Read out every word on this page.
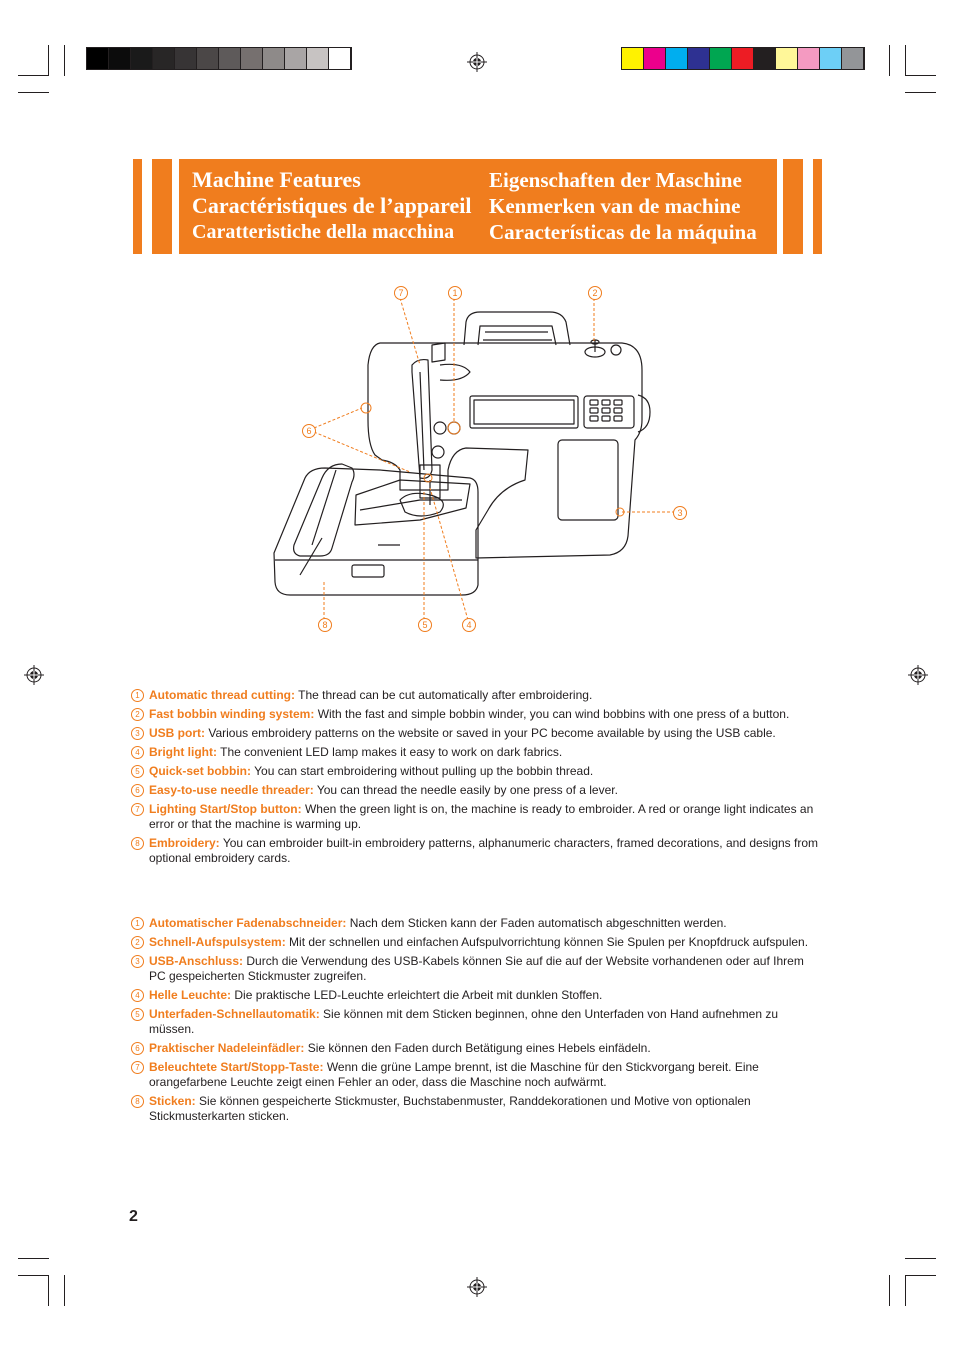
Machine Features
Caractéristiques de l’appareil
Caratteristiche della macchina
Eigenschaften der Maschine
Kenmerken van de machine
Características de la máquina
7	1	2
6
3
8	5	4
1 Automatic thread cutting: The thread can be cut automatically after embroidering.
2 Fast bobbin winding system: With the fast and simple bobbin winder, you can wind bobbins with one press of a button.
3 USB port: Various embroidery patterns on the website or saved in your PC become available by using the USB cable.
4 Bright light: The convenient LED lamp makes it easy to work on dark fabrics.
5 Quick-set bobbin: You can start embroidering without pulling up the bobbin thread.
6 Easy-to-use needle threader: You can thread the needle easily by one press of a lever.
7 Lighting Start/Stop button: When the green light is on, the machine is ready to embroider. A red or orange light indicates an error or that the machine is warming up.
8 Embroidery: You can embroider built-in embroidery patterns, alphanumeric characters, framed decorations, and designs from optional embroidery cards.
1 Automatischer Fadenabschneider: Nach dem Sticken kann der Faden automatisch abgeschnitten werden.
2 Schnell-Aufspulsystem: Mit der schnellen und einfachen Aufspulvorrichtung können Sie Spulen per Knopfdruck aufspulen.
3 USB-Anschluss: Durch die Verwendung des USB-Kabels können Sie auf die auf der Website vorhandenen oder auf Ihrem PC gespeicherten Stickmuster zugreifen.
4 Helle Leuchte: Die praktische LED-Leuchte erleichtert die Arbeit mit dunklen Stoffen.
5 Unterfaden-Schnellautomatik: Sie können mit dem Sticken beginnen, ohne den Unterfaden von Hand aufnehmen zu müssen.
6 Praktischer Nadeleinfädler: Sie können den Faden durch Betätigung eines Hebels einfädeln.
7 Beleuchtete Start/Stopp-Taste: Wenn die grüne Lampe brennt, ist die Maschine für den Stickvorgang bereit. Eine orangefarbene Leuchte zeigt einen Fehler an oder, dass die Maschine noch aufwärmt.
8 Sticken: Sie können gespeicherte Stickmuster, Buchstabenmuster, Randdekorationen und Motive von optionalen Stickmusterkarten sticken.
2
